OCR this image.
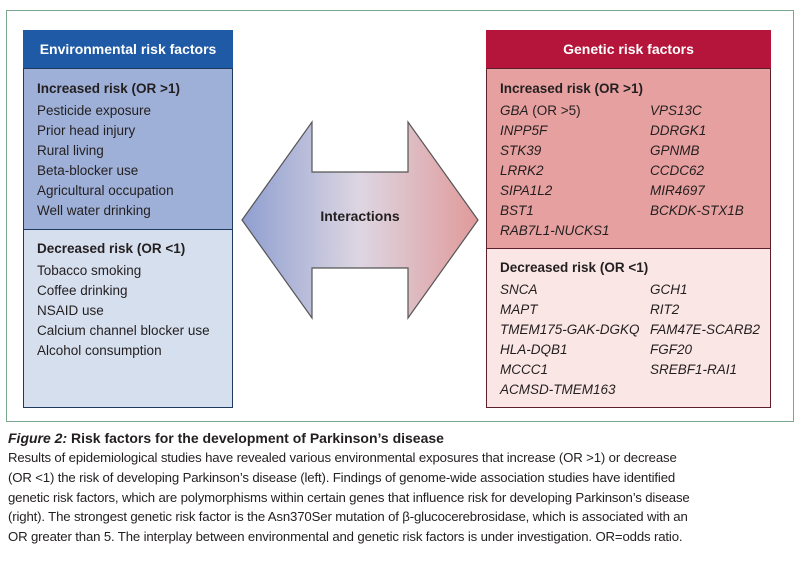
Environmental risk factors
Increased risk (OR >1)
Pesticide exposure
Prior head injury
Rural living
Beta-blocker use
Agricultural occupation
Well water drinking
Decreased risk (OR <1)
Tobacco smoking
Coffee drinking
NSAID use
Calcium channel blocker use
Alcohol consumption
Interactions
Genetic risk factors
Increased risk (OR >1)
GBA (OR >5)
INPP5F
STK39
LRRK2
SIPA1L2
BST1
RAB7L1-NUCKS1
VPS13C
DDRGK1
GPNMB
CCDC62
MIR4697
BCKDK-STX1B
Decreased risk (OR <1)
SNCA
MAPT
TMEM175-GAK-DGKQ
HLA-DQB1
MCCC1
ACMSD-TMEM163
GCH1
RIT2
FAM47E-SCARB2
FGF20
SREBF1-RAI1
Figure 2: Risk factors for the development of Parkinson’s disease
Results of epidemiological studies have revealed various environmental exposures that increase (OR >1) or decrease
(OR <1) the risk of developing Parkinson’s disease (left). Findings of genome-wide association studies have identified
genetic risk factors, which are polymorphisms within certain genes that influence risk for developing Parkinson’s disease
(right). The strongest genetic risk factor is the Asn370Ser mutation of β-glucocerebrosidase, which is associated with an
OR greater than 5. The interplay between environmental and genetic risk factors is under investigation. OR=odds ratio.
